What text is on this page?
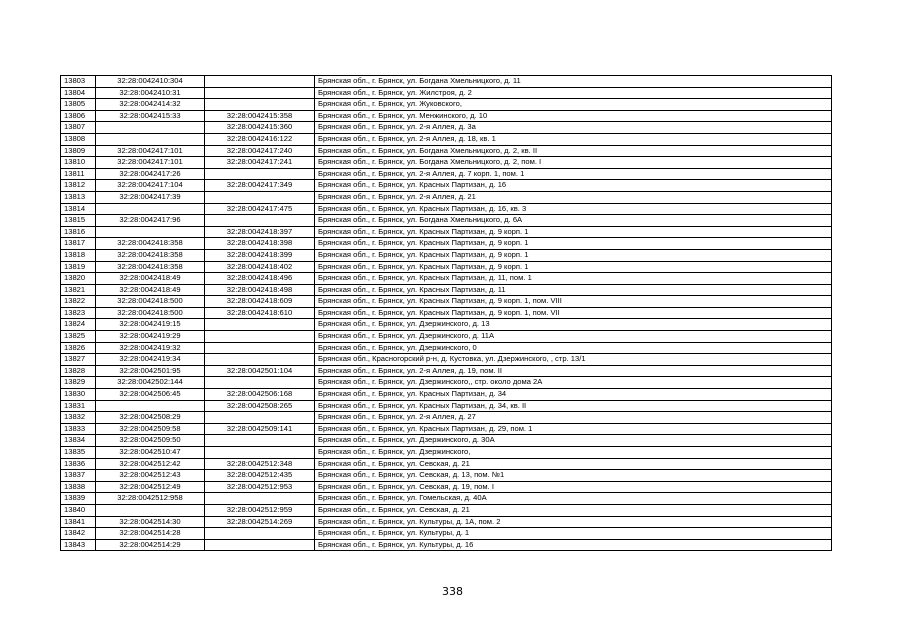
13803	32:28:0042410:304		Брянская обл., г. Брянск, ул. Богдана Хмельницкого, д. 11
13804	32:28:0042410:31		Брянская обл., г. Брянск, ул. Жилстроя, д. 2
13805	32:28:0042414:32		Брянская обл., г. Брянск, ул. Жуковского,
13806	32:28:0042415:33	32:28:0042415:358	Брянская обл., г. Брянск, ул. Менжинского, д. 10
13807		32:28:0042415:360	Брянская обл., г. Брянск, ул. 2-я Аллея, д. 3а
13808		32:28:0042416:122	Брянская обл., г. Брянск, ул. 2-я Аллея, д. 18, кв. 1
13809	32:28:0042417:101	32:28:0042417:240	Брянская обл., г. Брянск, ул. Богдана Хмельницкого, д. 2, кв. II
13810	32:28:0042417:101	32:28:0042417:241	Брянская обл., г. Брянск, ул. Богдана Хмельницкого, д. 2, пом. I
13811	32:28:0042417:26		Брянская обл., г. Брянск, ул. 2-я Аллея, д. 7 корп. 1, пом. 1
13812	32:28:0042417:104	32:28:0042417:349	Брянская обл., г. Брянск, ул. Красных Партизан, д. 16
13813	32:28:0042417:39		Брянская обл., г. Брянск, ул. 2-я Аллея, д. 21
13814		32:28:0042417:475	Брянская обл., г. Брянск, ул. Красных Партизан, д. 16, кв. 3
13815	32:28:0042417:96		Брянская обл., г. Брянск, ул. Богдана Хмельницкого, д. 6А
13816		32:28:0042418:397	Брянская обл., г. Брянск, ул. Красных Партизан, д. 9 корп. 1
13817	32:28:0042418:358	32:28:0042418:398	Брянская обл., г. Брянск, ул. Красных Партизан, д. 9 корп. 1
13818	32:28:0042418:358	32:28:0042418:399	Брянская обл., г. Брянск, ул. Красных Партизан, д. 9 корп. 1
13819	32:28:0042418:358	32:28:0042418:402	Брянская обл., г. Брянск, ул. Красных Партизан, д. 9 корп. 1
13820	32:28:0042418:49	32:28:0042418:496	Брянская обл., г. Брянск, ул. Красных Партизан, д. 11, пом. 1
13821	32:28:0042418:49	32:28:0042418:498	Брянская обл., г. Брянск, ул. Красных Партизан, д. 11
13822	32:28:0042418:500	32:28:0042418:609	Брянская обл., г. Брянск, ул. Красных Партизан, д. 9 корп. 1, пом. VIII
13823	32:28:0042418:500	32:28:0042418:610	Брянская обл., г. Брянск, ул. Красных Партизан, д. 9 корп. 1, пом. VII
13824	32:28:0042419:15		Брянская обл., г. Брянск, ул. Дзержинского, д. 13
13825	32:28:0042419:29		Брянская обл., г. Брянск, ул. Дзержинского, д. 11А
13826	32:28:0042419:32		Брянская обл., г. Брянск, ул. Дзержинского, 0
13827	32:28:0042419:34		Брянская обл., Красногорский р-н, д. Кустовка, ул. Дзержинского, , стр. 13/1
13828	32:28:0042501:95	32:28:0042501:104	Брянская обл., г. Брянск, ул. 2-я Аллея, д. 19, пом. II
13829	32:28:0042502:144		Брянская обл., г. Брянск, ул. Дзержинского,, стр. около дома 2А
13830	32:28:0042506:45	32:28:0042506:168	Брянская обл., г. Брянск, ул. Красных Партизан, д. 34
13831		32:28:0042508:265	Брянская обл., г. Брянск, ул. Красных Партизан, д. 34, кв. II
13832	32:28:0042508:29		Брянская обл., г. Брянск, ул. 2-я Аллея, д. 27
13833	32:28:0042509:58	32:28:0042509:141	Брянская обл., г. Брянск, ул. Красных Партизан, д. 29, пом. 1
13834	32:28:0042509:50		Брянская обл., г. Брянск, ул. Дзержинского, д. 30А
13835	32:28:0042510:47		Брянская обл., г. Брянск, ул. Дзержинского,
13836	32:28:0042512:42	32:28:0042512:348	Брянская обл., г. Брянск, ул. Севская, д. 21
13837	32:28:0042512:43	32:28:0042512:435	Брянская обл., г. Брянск, ул. Севская, д. 13, пом. №1
13838	32:28:0042512:49	32:28:0042512:953	Брянская обл., г. Брянск, ул. Севская, д. 19, пом. I
13839	32:28:0042512:958		Брянская обл., г. Брянск, ул. Гомельская, д. 40А
13840		32:28:0042512:959	Брянская обл., г. Брянск, ул. Севская, д. 21
13841	32:28:0042514:30	32:28:0042514:269	Брянская обл., г. Брянск, ул. Культуры, д. 1А, пом. 2
13842	32:28:0042514:28		Брянская обл., г. Брянск, ул. Культуры, д. 1
13843	32:28:0042514:29		Брянская обл., г. Брянск, ул. Культуры, д. 16
338
